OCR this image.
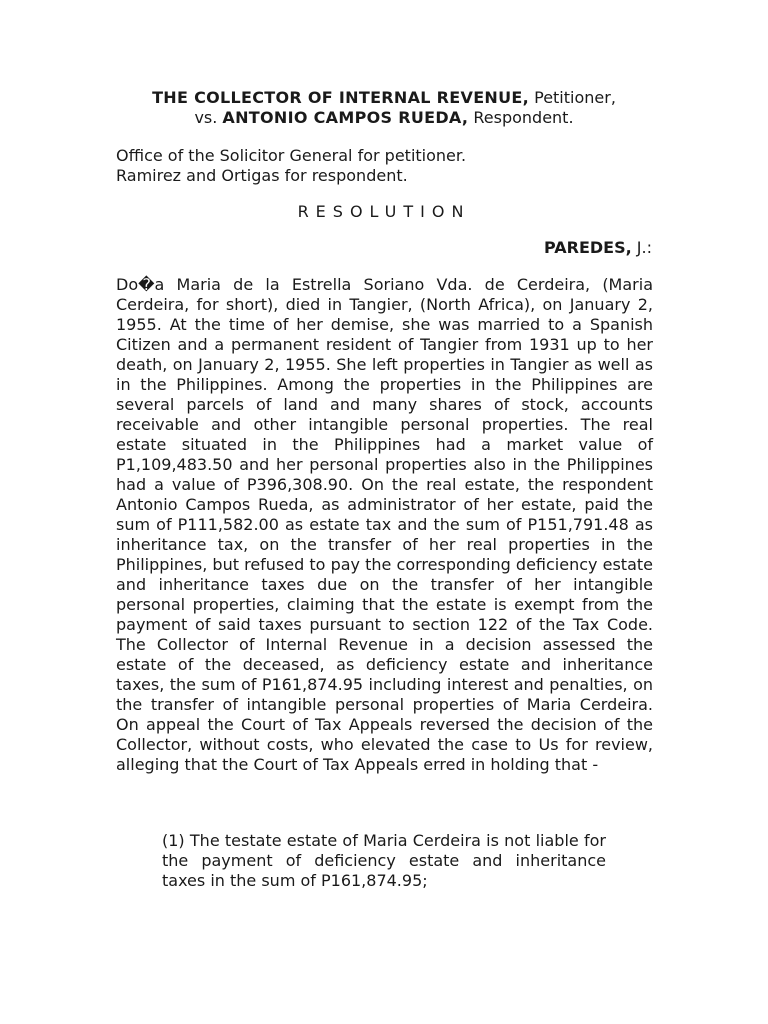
THE COLLECTOR OF INTERNAL REVENUE, Petitioner,
vs. ANTONIO CAMPOS RUEDA, Respondent.
Office of the Solicitor General for petitioner.
Ramirez and Ortigas for respondent.
RESOLUTION
PAREDES, J.:
Do�a Maria de la Estrella Soriano Vda. de Cerdeira, (Maria Cerdeira, for short), died in Tangier, (North Africa), on January 2, 1955. At the time of her demise, she was married to a Spanish Citizen and a permanent resident of Tangier from 1931 up to her death, on January 2, 1955. She left properties in Tangier as well as in the Philippines. Among the properties in the Philippines are several parcels of land and many shares of stock, accounts receivable and other intangible personal properties. The real estate situated in the Philippines had a market value of P1,109,483.50 and her personal properties also in the Philippines had a value of P396,308.90. On the real estate, the respondent Antonio Campos Rueda, as administrator of her estate, paid the sum of P111,582.00 as estate tax and the sum of P151,791.48 as inheritance tax, on the transfer of her real properties in the Philippines, but refused to pay the corresponding deficiency estate and inheritance taxes due on the transfer of her intangible personal properties, claiming that the estate is exempt from the payment of said taxes pursuant to section 122 of the Tax Code. The Collector of Internal Revenue in a decision assessed the estate of the deceased, as deficiency estate and inheritance taxes, the sum of P161,874.95 including interest and penalties, on the transfer of intangible personal properties of Maria Cerdeira. On appeal the Court of Tax Appeals reversed the decision of the Collector, without costs, who elevated the case to Us for review, alleging that the Court of Tax Appeals erred in holding that -
(1) The testate estate of Maria Cerdeira is not liable for the payment of deficiency estate and inheritance taxes in the sum of P161,874.95;
